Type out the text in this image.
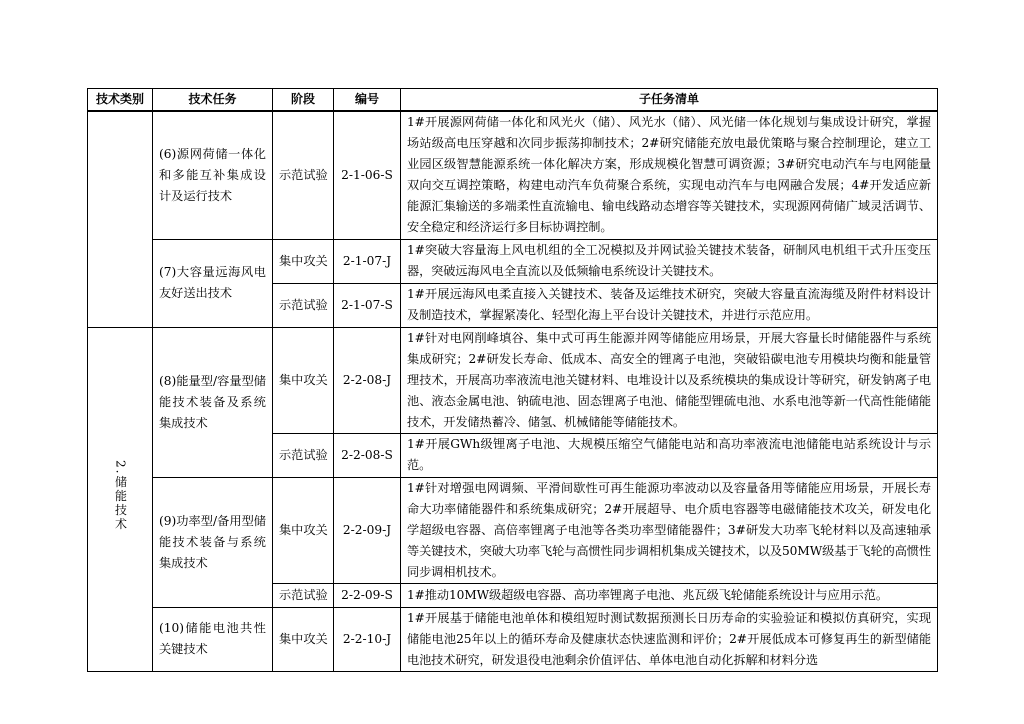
技术类别	技术任务	阶段	编号	子任务清单
	(6)源网荷储一体化和多能互补集成设计及运行技术	示范试验	2-1-06-S	1#开展源网荷储一体化和风光火（储）、风光水（储）、风光储一体化规划与集成设计研究，掌握场站级高电压穿越和次同步振荡抑制技术；2#研究储能充放电最优策略与聚合控制理论，建立工业园区级智慧能源系统一体化解决方案，形成规模化智慧可调资源；3#研究电动汽车与电网能量双向交互调控策略，构建电动汽车负荷聚合系统，实现电动汽车与电网融合发展；4#开发适应新能源汇集输送的多端柔性直流输电、输电线路动态增容等关键技术，实现源网荷储广域灵活调节、安全稳定和经济运行多目标协调控制。
	(7)大容量远海风电友好送出技术	集中攻关	2-1-07-J	1#突破大容量海上风电机组的全工况模拟及并网试验关键技术装备，研制风电机组干式升压变压器，突破远海风电全直流以及低频输电系统设计关键技术。
		示范试验	2-1-07-S	1#开展远海风电柔直接入关键技术、装备及运维技术研究，突破大容量直流海缆及附件材料设计及制造技术，掌握紧凑化、轻型化海上平台设计关键技术，并进行示范应用。
2.储能技术	(8)能量型/容量型储能技术装备及系统集成技术	集中攻关	2-2-08-J	1#针对电网削峰填谷、集中式可再生能源并网等储能应用场景，开展大容量长时储能器件与系统集成研究；2#研发长寿命、低成本、高安全的锂离子电池，突破铅碳电池专用模块均衡和能量管理技术，开展高功率液流电池关键材料、电堆设计以及系统模块的集成设计等研究，研发钠离子电池、液态金属电池、钠硫电池、固态锂离子电池、储能型锂硫电池、水系电池等新一代高性能储能技术，开发储热蓄冷、储氢、机械储能等储能技术。
		示范试验	2-2-08-S	1#开展GWh级锂离子电池、大规模压缩空气储能电站和高功率液流电池储能电站系统设计与示范。
	(9)功率型/备用型储能技术装备与系统集成技术	集中攻关	2-2-09-J	1#针对增强电网调频、平滑间歇性可再生能源功率波动以及容量备用等储能应用场景，开展长寿命大功率储能器件和系统集成研究；2#开展超导、电介质电容器等电磁储能技术攻关，研发电化学超级电容器、高倍率锂离子电池等各类功率型储能器件；3#研发大功率飞轮材料以及高速轴承等关键技术，突破大功率飞轮与高惯性同步调相机集成关键技术，以及50MW级基于飞轮的高惯性同步调相机技术。
		示范试验	2-2-09-S	1#推动10MW级超级电容器、高功率锂离子电池、兆瓦级飞轮储能系统设计与应用示范。
	(10)储能电池共性关键技术	集中攻关	2-2-10-J	1#开展基于储能电池单体和模组短时测试数据预测长日历寿命的实验验证和模拟仿真研究，实现储能电池25年以上的循环寿命及健康状态快速监测和评价；2#开展低成本可修复再生的新型储能电池技术研究，研发退役电池剩余价值评估、单体电池自动化拆解和材料分选
